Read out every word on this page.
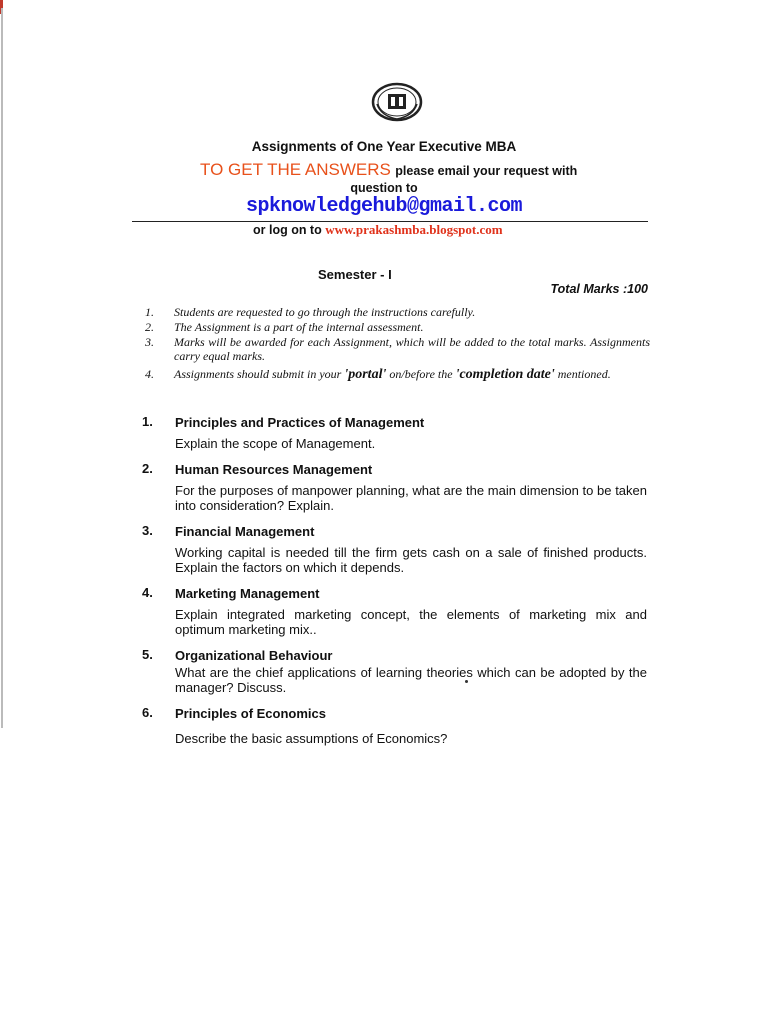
Assignments of One Year Executive MBA
TO GET THE ANSWERS please email your request with
question to
spknowledgehub@gmail.com
or log on to www.prakashmba.blogspot.com
Semester - I
Total Marks :100
1.	Students are requested to go through the instructions carefully.
2.	The Assignment is a part of the internal assessment.
3.	Marks will be awarded for each Assignment, which will be added to the total marks. Assignments carry equal marks.
4.	Assignments should submit in your 'portal' on/before the 'completion date' mentioned.
1. Principles and Practices of Management
Explain the scope of Management.
2. Human Resources Management
For the purposes of manpower planning, what are the main dimension to be taken into consideration? Explain.
3. Financial Management
Working capital is needed till the firm gets cash on a sale of finished products. Explain the factors on which it depends.
4. Marketing Management
Explain integrated marketing concept, the elements of marketing mix and optimum marketing mix..
5. Organizational Behaviour
What are the chief applications of learning theories which can be adopted by the manager? Discuss.
6. Principles of Economics
Describe the basic assumptions of Economics?
